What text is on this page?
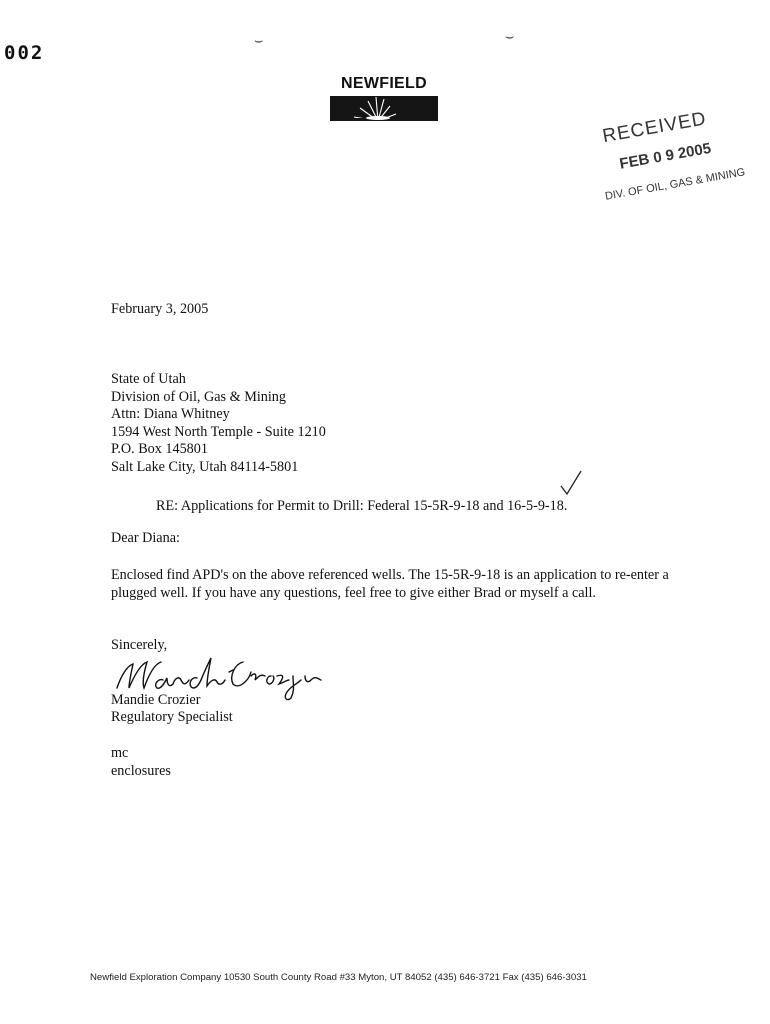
002
⌣	⌣
NEWFIELD
RECEIVED
FEB 0 9 2005
DIV. OF OIL, GAS & MINING
February 3, 2005
State of Utah
Division of Oil, Gas & Mining
Attn: Diana Whitney
1594 West North Temple - Suite 1210
P.O. Box 145801
Salt Lake City, Utah 84114-5801
RE: Applications for Permit to Drill: Federal 15-5R-9-18 and 16-5-9-18.
Dear Diana:
Enclosed find APD's on the above referenced wells. The 15-5R-9-18 is an application to re-enter a plugged well. If you have any questions, feel free to give either Brad or myself a call.
Sincerely,
Mandie Crozier
Regulatory Specialist
mc
enclosures
Newfield Exploration Company 10530 South County Road #33 Myton, UT 84052 (435) 646-3721 Fax (435) 646-3031
